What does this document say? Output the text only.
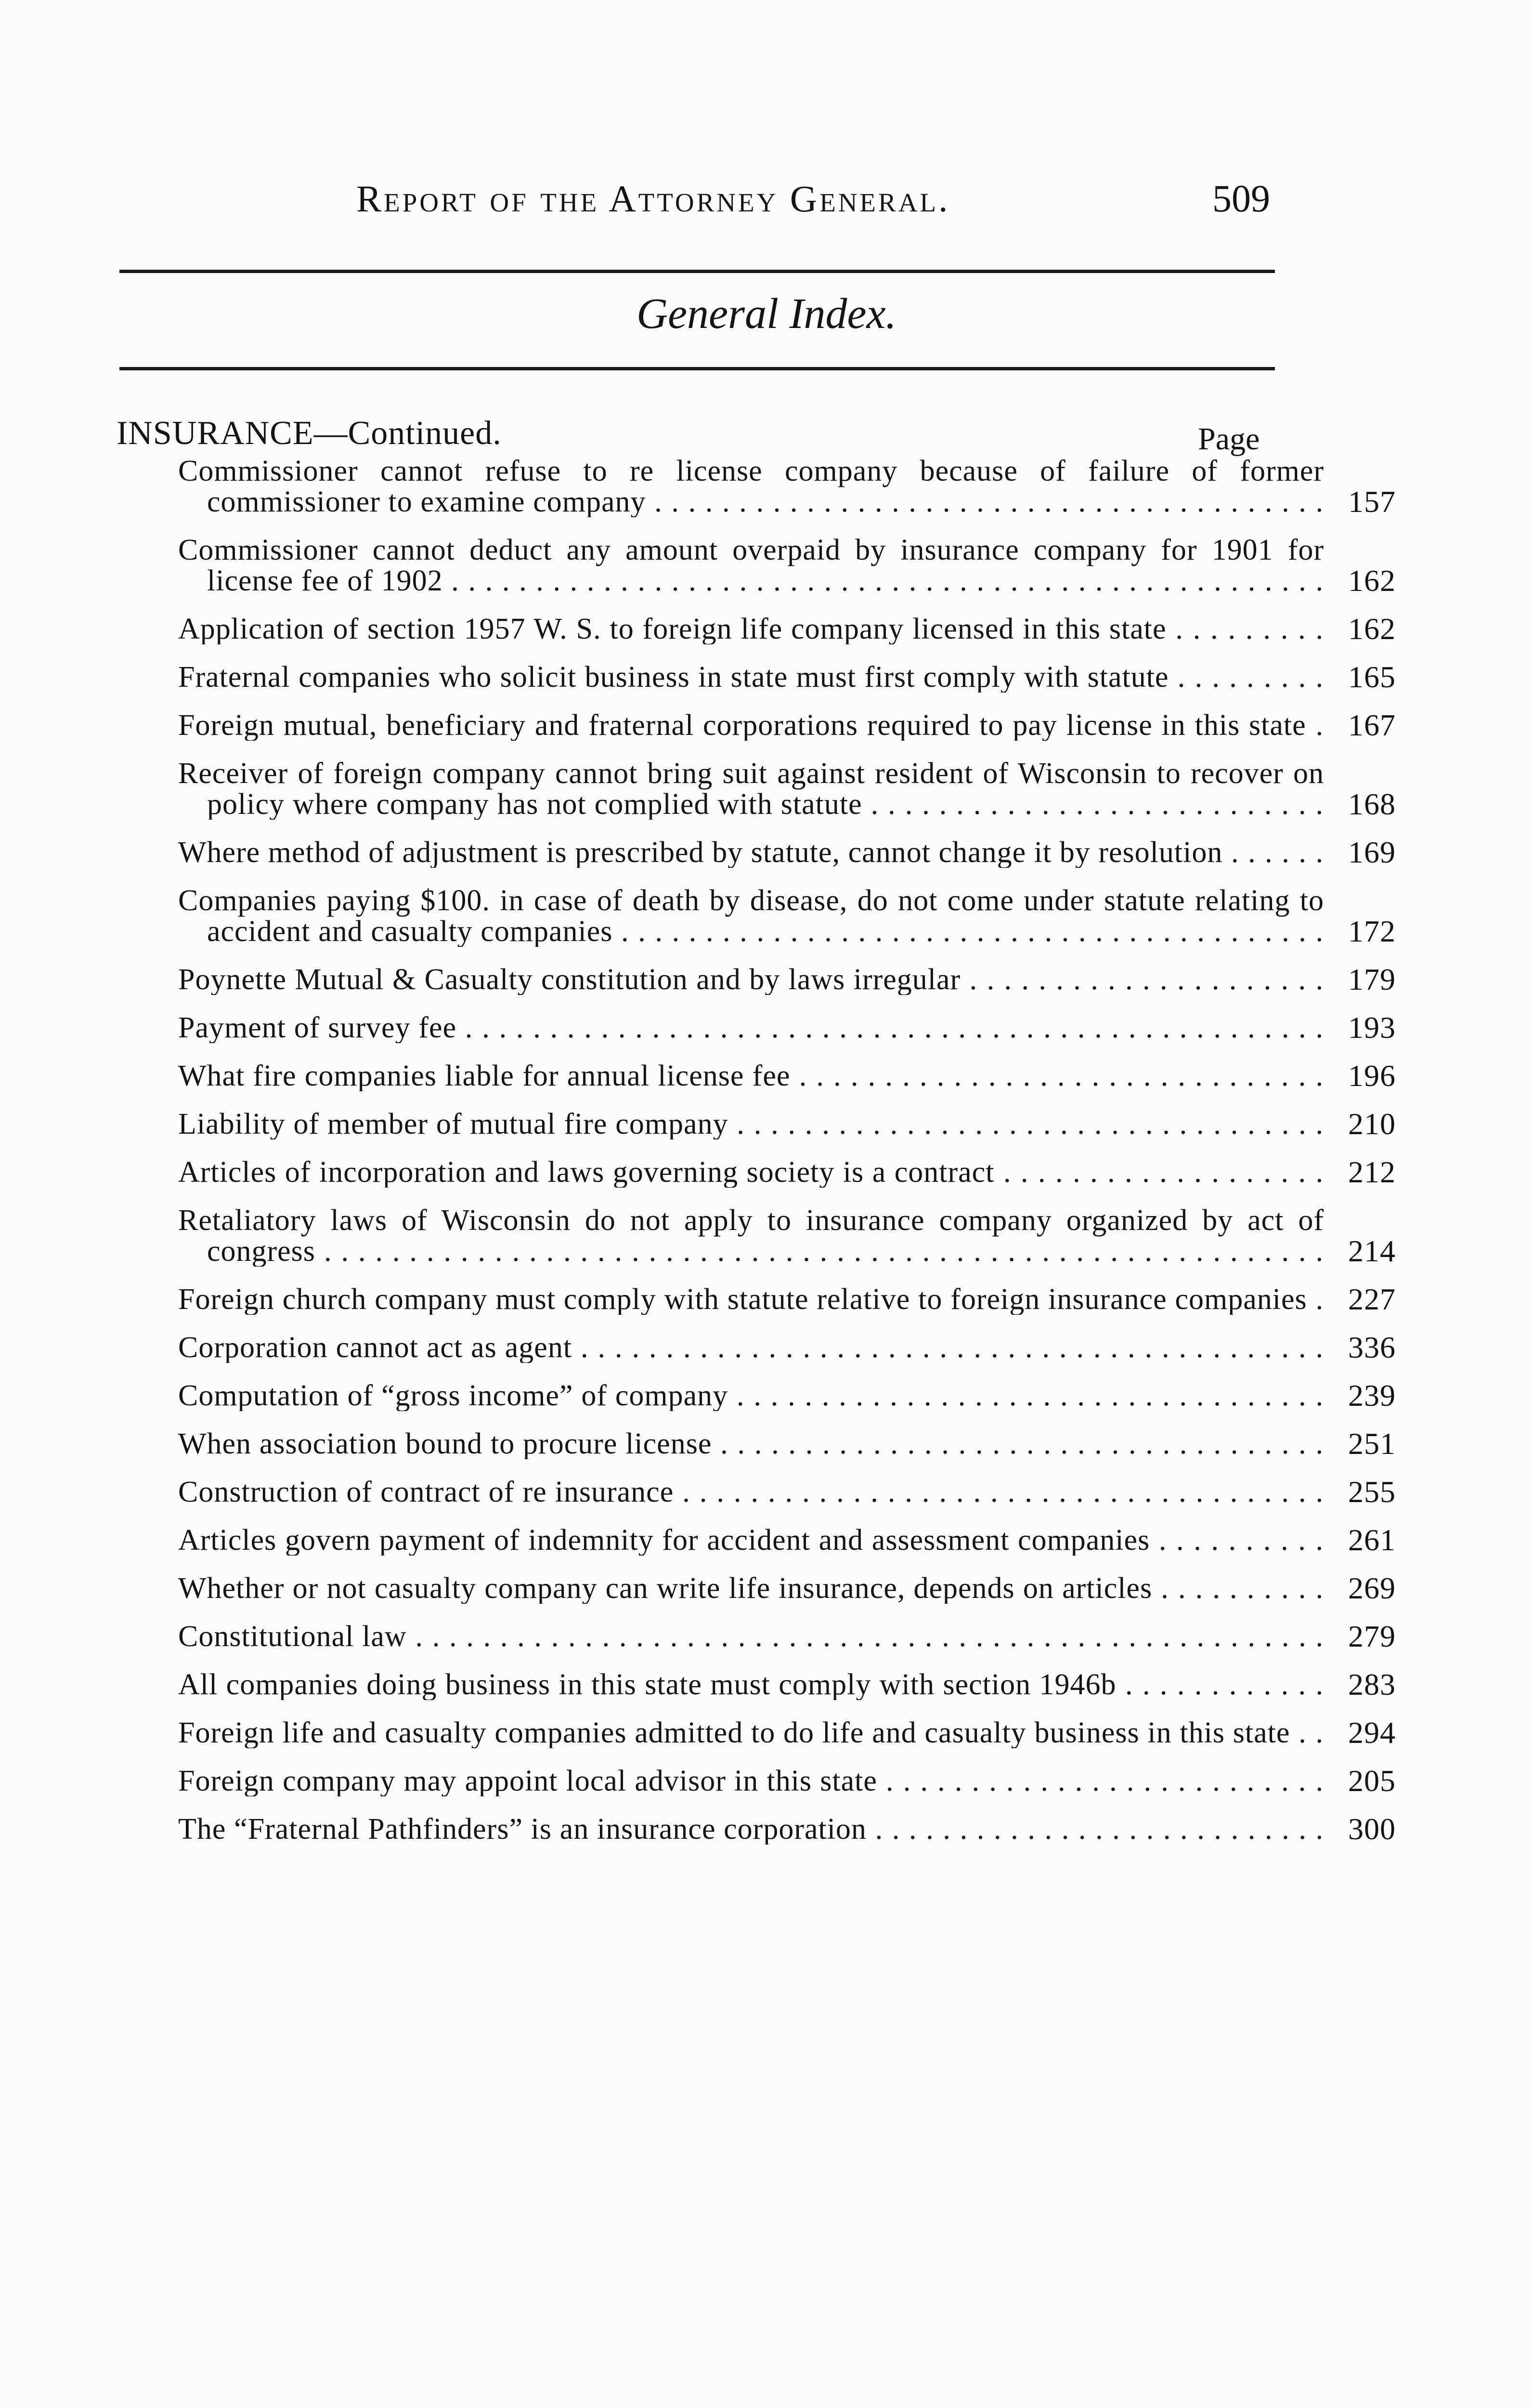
Report of the Attorney General.	509
General Index.
INSURANCE—Continued.	Page
Commissioner cannot refuse to re license company because of failure of former commissioner to examine company . . .	157
Commissioner cannot deduct any amount overpaid by insurance company for 1901 for license fee of 1902 . . .	162
Application of section 1957 W. S. to foreign life company licensed in this state . . .	162
Fraternal companies who solicit business in state must first comply with statute . . .	165
Foreign mutual, beneficiary and fraternal corporations required to pay license in this state . . .	167
Receiver of foreign company cannot bring suit against resident of Wisconsin to recover on policy where company has not complied with statute . . .	168
Where method of adjustment is prescribed by statute, cannot change it by resolution . . .	169
Companies paying $100. in case of death by disease, do not come under statute relating to accident and casualty companies . . .	172
Poynette Mutual & Casualty constitution and by laws irregular . . .	179
Payment of survey fee . . .	193
What fire companies liable for annual license fee . . .	196
Liability of member of mutual fire company . . .	210
Articles of incorporation and laws governing society is a contract . . .	212
Retaliatory laws of Wisconsin do not apply to insurance company organized by act of congress . . .	214
Foreign church company must comply with statute relative to foreign insurance companies . . .	227
Corporation cannot act as agent . . .	336
Computation of “gross income” of company . . .	239
When association bound to procure license . . .	251
Construction of contract of re insurance . . .	255
Articles govern payment of indemnity for accident and assessment companies . . .	261
Whether or not casualty company can write life insurance, depends on articles . . .	269
Constitutional law . . .	279
All companies doing business in this state must comply with section 1946b . . .	283
Foreign life and casualty companies admitted to do life and casualty business in this state . . .	294
Foreign company may appoint local advisor in this state . . .	205
The “Fraternal Pathfinders” is an insurance corporation . . .	300
